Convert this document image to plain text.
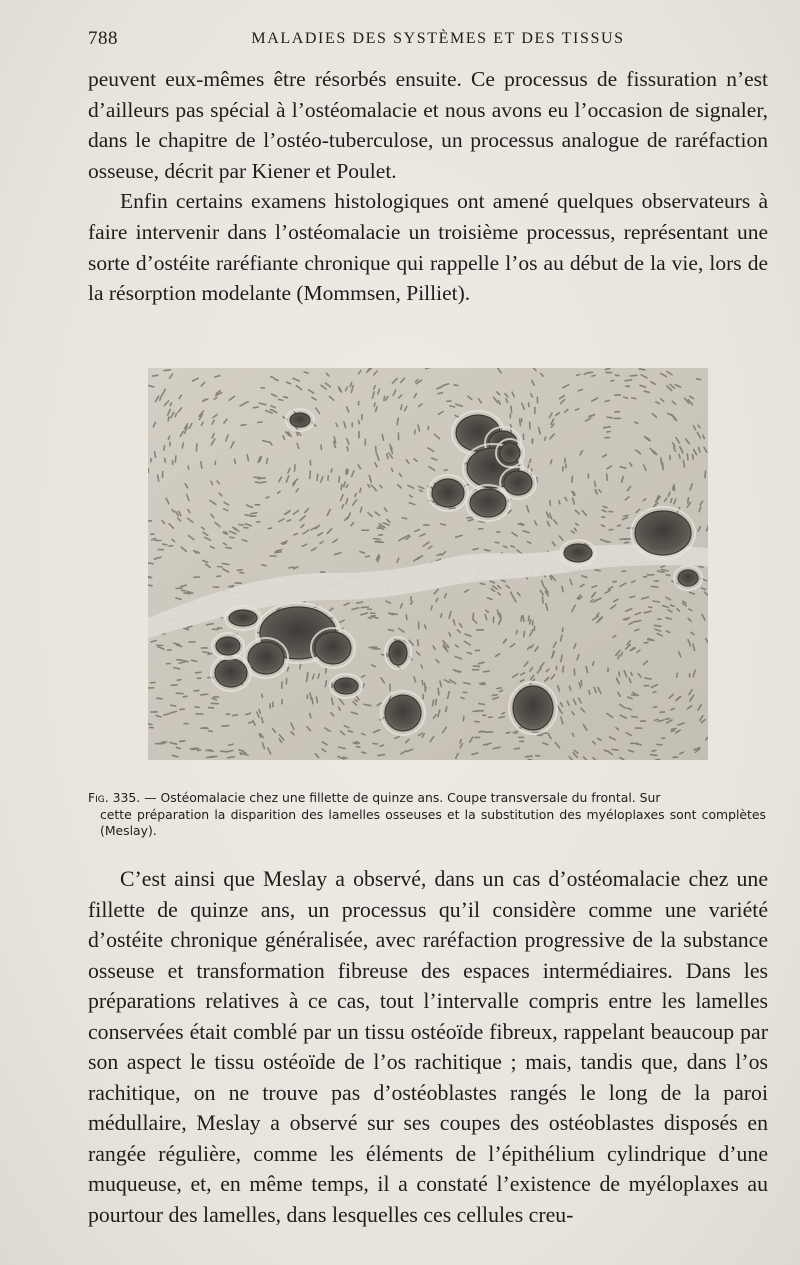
788	MALADIES DES SYSTÈMES ET DES TISSUS

peuvent eux-mêmes être résorbés ensuite. Ce processus de fissuration n’est d’ailleurs pas spécial à l’ostéomalacie et nous avons eu l’occasion de signaler, dans le chapitre de l’ostéo-tuberculose, un processus analogue de raréfaction osseuse, décrit par Kiener et Poulet.

Enfin certains examens histologiques ont amené quelques observateurs à faire intervenir dans l’ostéomalacie un troisième processus, représentant une sorte d’ostéite raréfiante chronique qui rappelle l’os au début de la vie, lors de la résorption modelante (Mommsen, Pilliet).

Fig. 335. — Ostéomalacie chez une fillette de quinze ans. Coupe transversale du frontal. Sur
cette préparation la disparition des lamelles osseuses et la substitution des myéloplaxes sont complètes (Meslay).

C’est ainsi que Meslay a observé, dans un cas d’ostéomalacie chez une fillette de quinze ans, un processus qu’il considère comme une variété d’ostéite chronique généralisée, avec raréfaction progressive de la substance osseuse et transformation fibreuse des espaces intermédiaires. Dans les préparations relatives à ce cas, tout l’intervalle compris entre les lamelles conservées était comblé par un tissu ostéoïde fibreux, rappelant beaucoup par son aspect le tissu ostéoïde de l’os rachitique ; mais, tandis que, dans l’os rachitique, on ne trouve pas d’ostéoblastes rangés le long de la paroi médullaire, Meslay a observé sur ses coupes des ostéoblastes disposés en rangée régulière, comme les éléments de l’épithélium cylindrique d’une muqueuse, et, en même temps, il a constaté l’existence de myéloplaxes au pourtour des lamelles, dans lesquelles ces cellules creu-
